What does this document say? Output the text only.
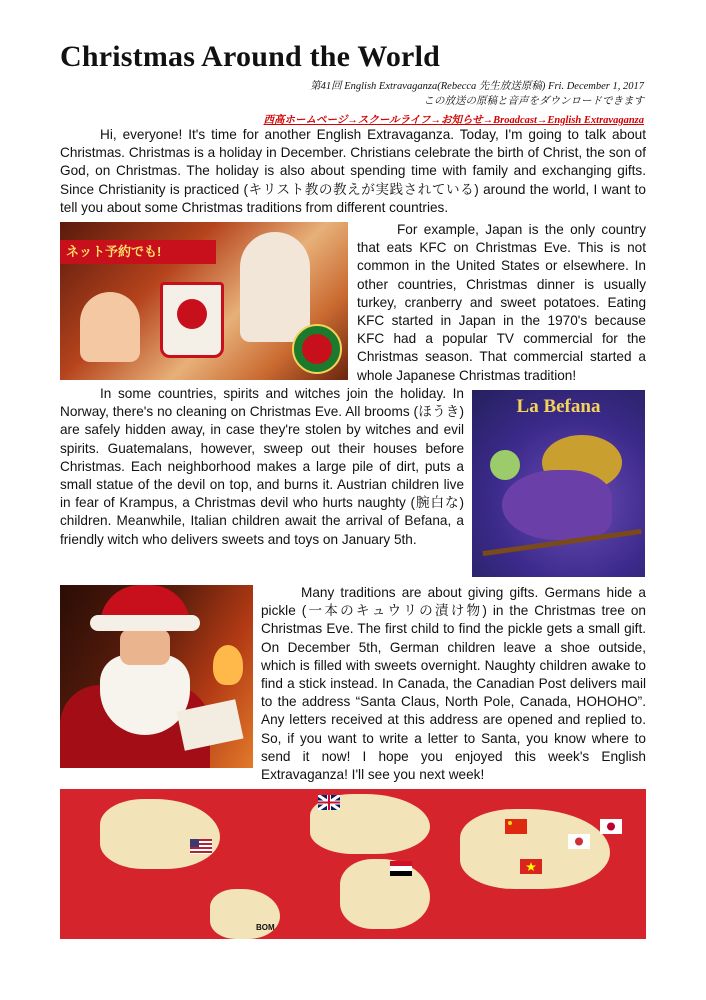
Christmas Around the World
第41回 English Extravaganza(Rebecca 先生放送原稿) Fri. December 1, 2017
この放送の原稿と音声をダウンロードできます
西高ホームページ→スクールライフ→お知らせ→Broadcast→English Extravaganza

Hi, everyone! It's time for another English Extravaganza. Today, I'm going to talk about Christmas. Christmas is a holiday in December. Christians celebrate the birth of Christ, the son of God, on Christmas. The holiday is also about spending time with family and exchanging gifts. Since Christianity is practiced (キリスト教の教えが実践されている) around the world, I want to tell you about some Christmas traditions from different countries.

ネット予約でも!

For example, Japan is the only country that eats KFC on Christmas Eve. This is not common in the United States or elsewhere. In other countries, Christmas dinner is usually turkey, cranberry and sweet potatoes. Eating KFC started in Japan in the 1970's because KFC had a popular TV commercial for the Christmas season. That commercial started a whole Japanese Christmas tradition!

In some countries, spirits and witches join the holiday. In Norway, there's no cleaning on Christmas Eve. All brooms (ほうき) are safely hidden away, in case they're stolen by witches and evil spirits. Guatemalans, however, sweep out their houses before Christmas. Each neighborhood makes a large pile of dirt, puts a small statue of the devil on top, and burns it. Austrian children live in fear of Krampus, a Christmas devil who hurts naughty (腕白な) children. Meanwhile, Italian children await the arrival of Befana, a friendly witch who delivers sweets and toys on January 5th.

La Befana

Many traditions are about giving gifts. Germans hide a pickle (一本のキュウリの漬け物) in the Christmas tree on Christmas Eve. The first child to find the pickle gets a small gift. On December 5th, German children leave a shoe outside, which is filled with sweets overnight. Naughty children awake to find a stick instead. In Canada, the Canadian Post delivers mail to the address “Santa Claus, North Pole, Canada, HOHOHO”. Any letters received at this address are opened and replied to. So, if you want to write a letter to Santa, you know where to send it now! I hope you enjoyed this week's English Extravaganza! I'll see you next week!

BOM
